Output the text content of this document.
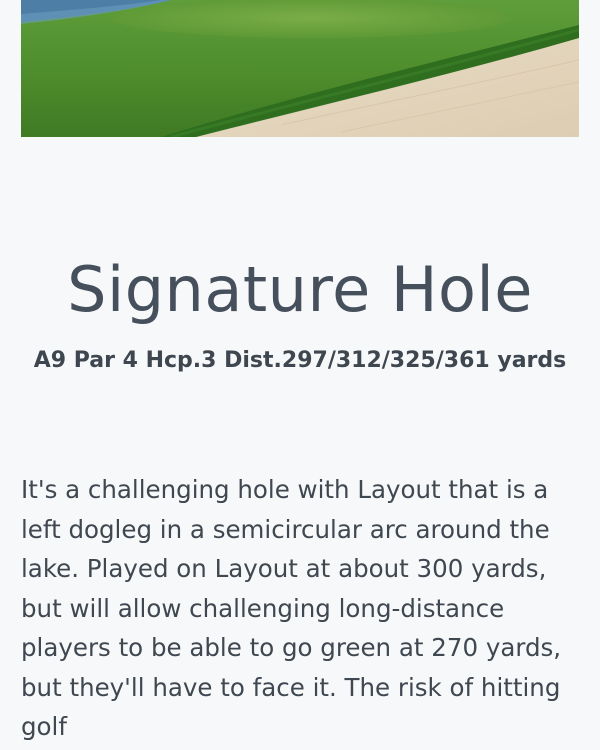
Signature Hole

A9 Par 4 Hcp.3 Dist.297/312/325/361 yards

It's a challenging hole with Layout that is a left dogleg in a semicircular arc around the lake. Played on Layout at about 300 yards, but will allow challenging long-distance players to be able to go green at 270 yards, but they'll have to face it. The risk of hitting golf
